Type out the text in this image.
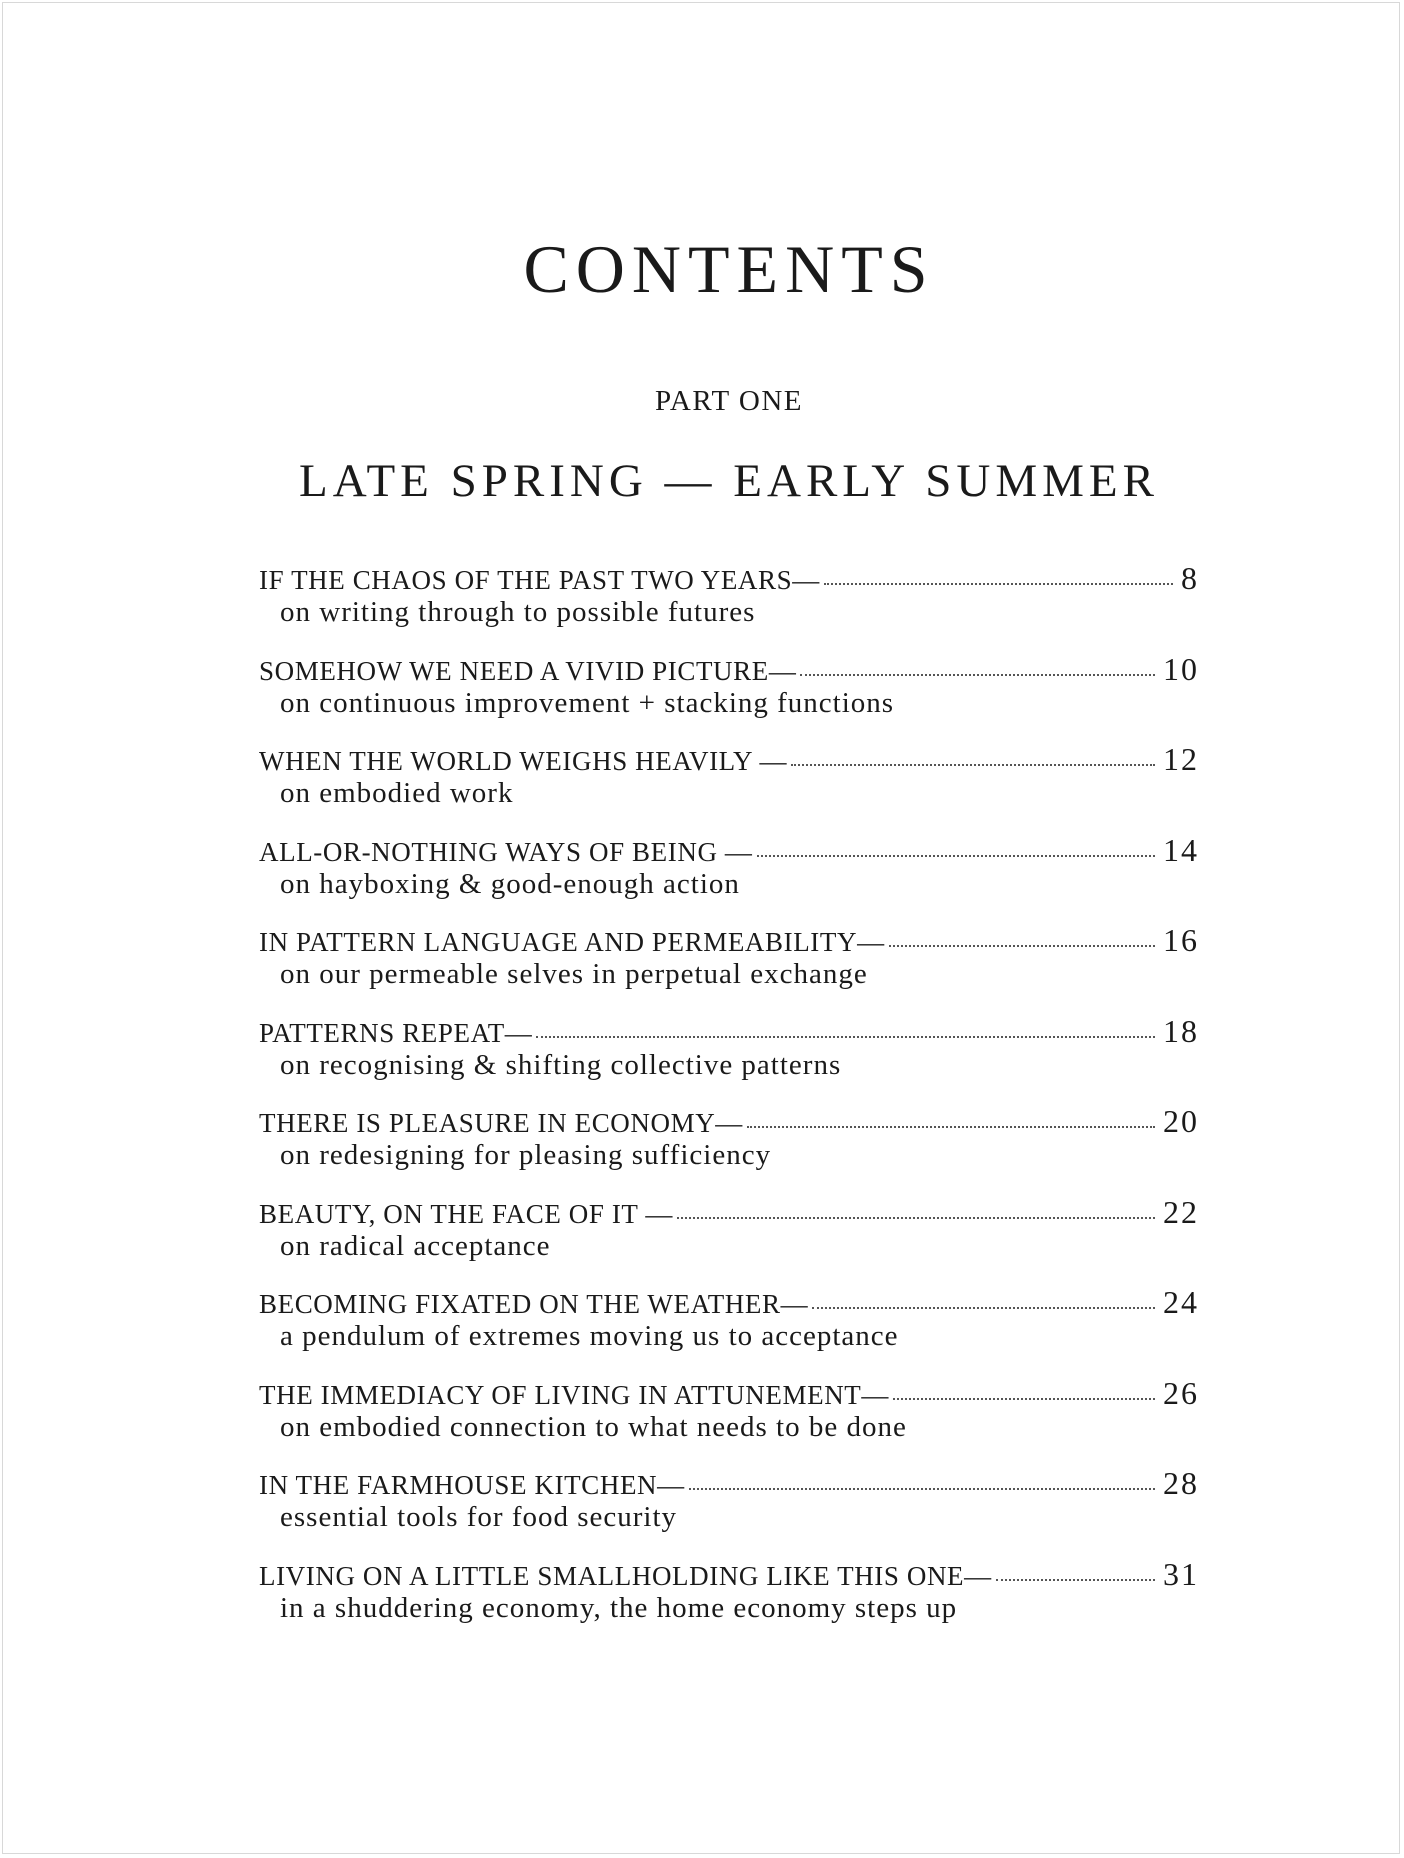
CONTENTS
PART ONE
LATE SPRING — EARLY SUMMER
IF THE CHAOS OF THE PAST TWO YEARS—	8
on writing through to possible futures
SOMEHOW WE NEED A VIVID PICTURE—	10
on continuous improvement + stacking functions
WHEN THE WORLD WEIGHS HEAVILY —	12
on embodied work
ALL-OR-NOTHING WAYS OF BEING —	14
on hayboxing & good-enough action
IN PATTERN LANGUAGE AND PERMEABILITY—	16
on our permeable selves in perpetual exchange
PATTERNS REPEAT—	18
on recognising & shifting collective patterns
THERE IS PLEASURE IN ECONOMY—	20
on redesigning for pleasing sufficiency
BEAUTY, ON THE FACE OF IT —	22
on radical acceptance
BECOMING FIXATED ON THE WEATHER—	24
a pendulum of extremes moving us to acceptance
THE IMMEDIACY OF LIVING IN ATTUNEMENT—	26
on embodied connection to what needs to be done
IN THE FARMHOUSE KITCHEN—	28
essential tools for food security
LIVING ON A LITTLE SMALLHOLDING LIKE THIS ONE—	31
in a shuddering economy, the home economy steps up
